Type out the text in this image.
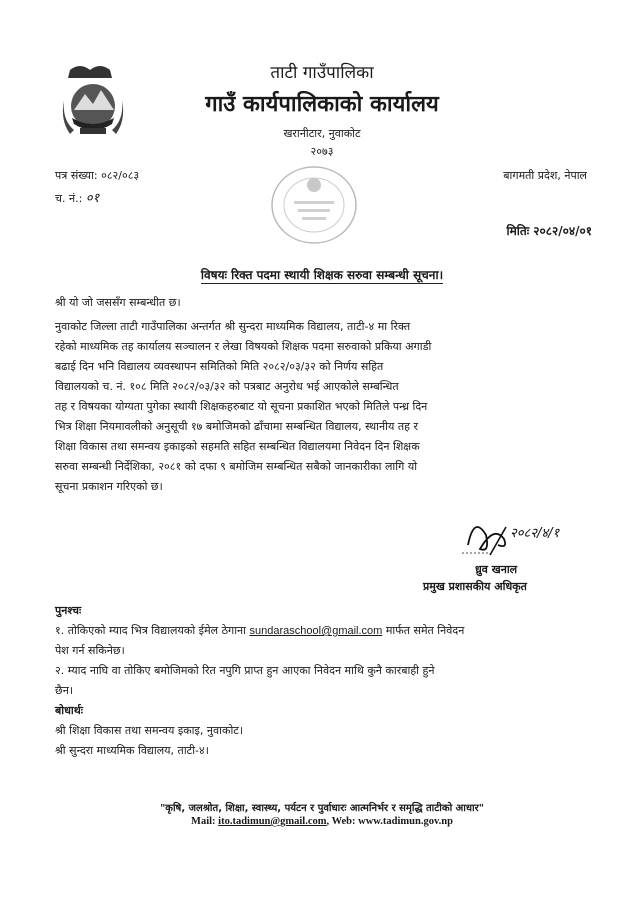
ताटी गाउँपालिका
गाउँ कार्यपालिकाको कार्यालय
खरानीटार, नुवाकोट
२०७३
पत्र संख्या: ०८२/०८३
च. नं.: ०१
बागमती प्रदेश, नेपाल
मितिः २०८२/०४/०१
विषयः रिक्त पदमा स्थायी शिक्षक सरुवा सम्बन्धी सूचना।
श्री यो जो जससँग सम्बन्धीत छ।
नुवाकोट जिल्ला ताटी गाउँपालिका अन्तर्गत श्री सुन्दरा माध्यमिक विद्यालय, ताटी-४ मा रिक्त
रहेको माध्यमिक तह कार्यालय सञ्चालन र लेखा विषयको शिक्षक पदमा सरुवाको प्रकिया अगाडी
बढाई दिन भनि विद्यालय व्यवस्थापन समितिको मिति २०८२/०३/३२ को निर्णय सहित
विद्यालयको च. नं. १०८ मिति २०८२/०३/३२ को पत्रबाट अनुरोध भई आएकोले सम्बन्धित
तह र विषयका योग्यता पुगेका स्थायी शिक्षकहरुबाट यो सूचना प्रकाशित भएको मितिले पन्ध्र दिन
भित्र शिक्षा नियमावलीको अनुसूची १७ बमोजिमको ढाँचामा सम्बन्धित विद्यालय, स्थानीय तह र
शिक्षा विकास तथा समन्वय इकाइको सहमति सहित सम्बन्धित विद्यालयमा निवेदन दिन शिक्षक
सरुवा सम्बन्धी निर्देशिका, २०८१ को दफा ९ बमोजिम सम्बन्धित सबैको जानकारीका लागि यो
सूचना प्रकाशन गरिएको छ।
२०८२/४/१
ध्रुव खनाल
प्रमुख प्रशासकीय अधिकृत
पुनश्चः
१. तोकिएको म्याद भित्र विद्यालयको ईमेल ठेगाना sundaraschool@gmail.com मार्फत समेत निवेदन
पेश गर्न सकिनेछ।
२. म्याद नाघि वा तोकिए बमोजिमको रित नपुगि प्राप्त हुन आएका निवेदन माथि कुनै कारबाही हुने
छैन।
बोधार्थः
श्री शिक्षा विकास तथा समन्वय इकाइ, नुवाकोट।
श्री सुन्दरा माध्यमिक विद्यालय, ताटी-४।
"कृषि, जलश्रोत, शिक्षा, स्वास्थ्य, पर्यटन र पुर्वाधारः आत्मनिर्भर र समृद्धि ताटीको आधार"
Mail: ito.tadimun@gmail.com, Web: www.tadimun.gov.np
